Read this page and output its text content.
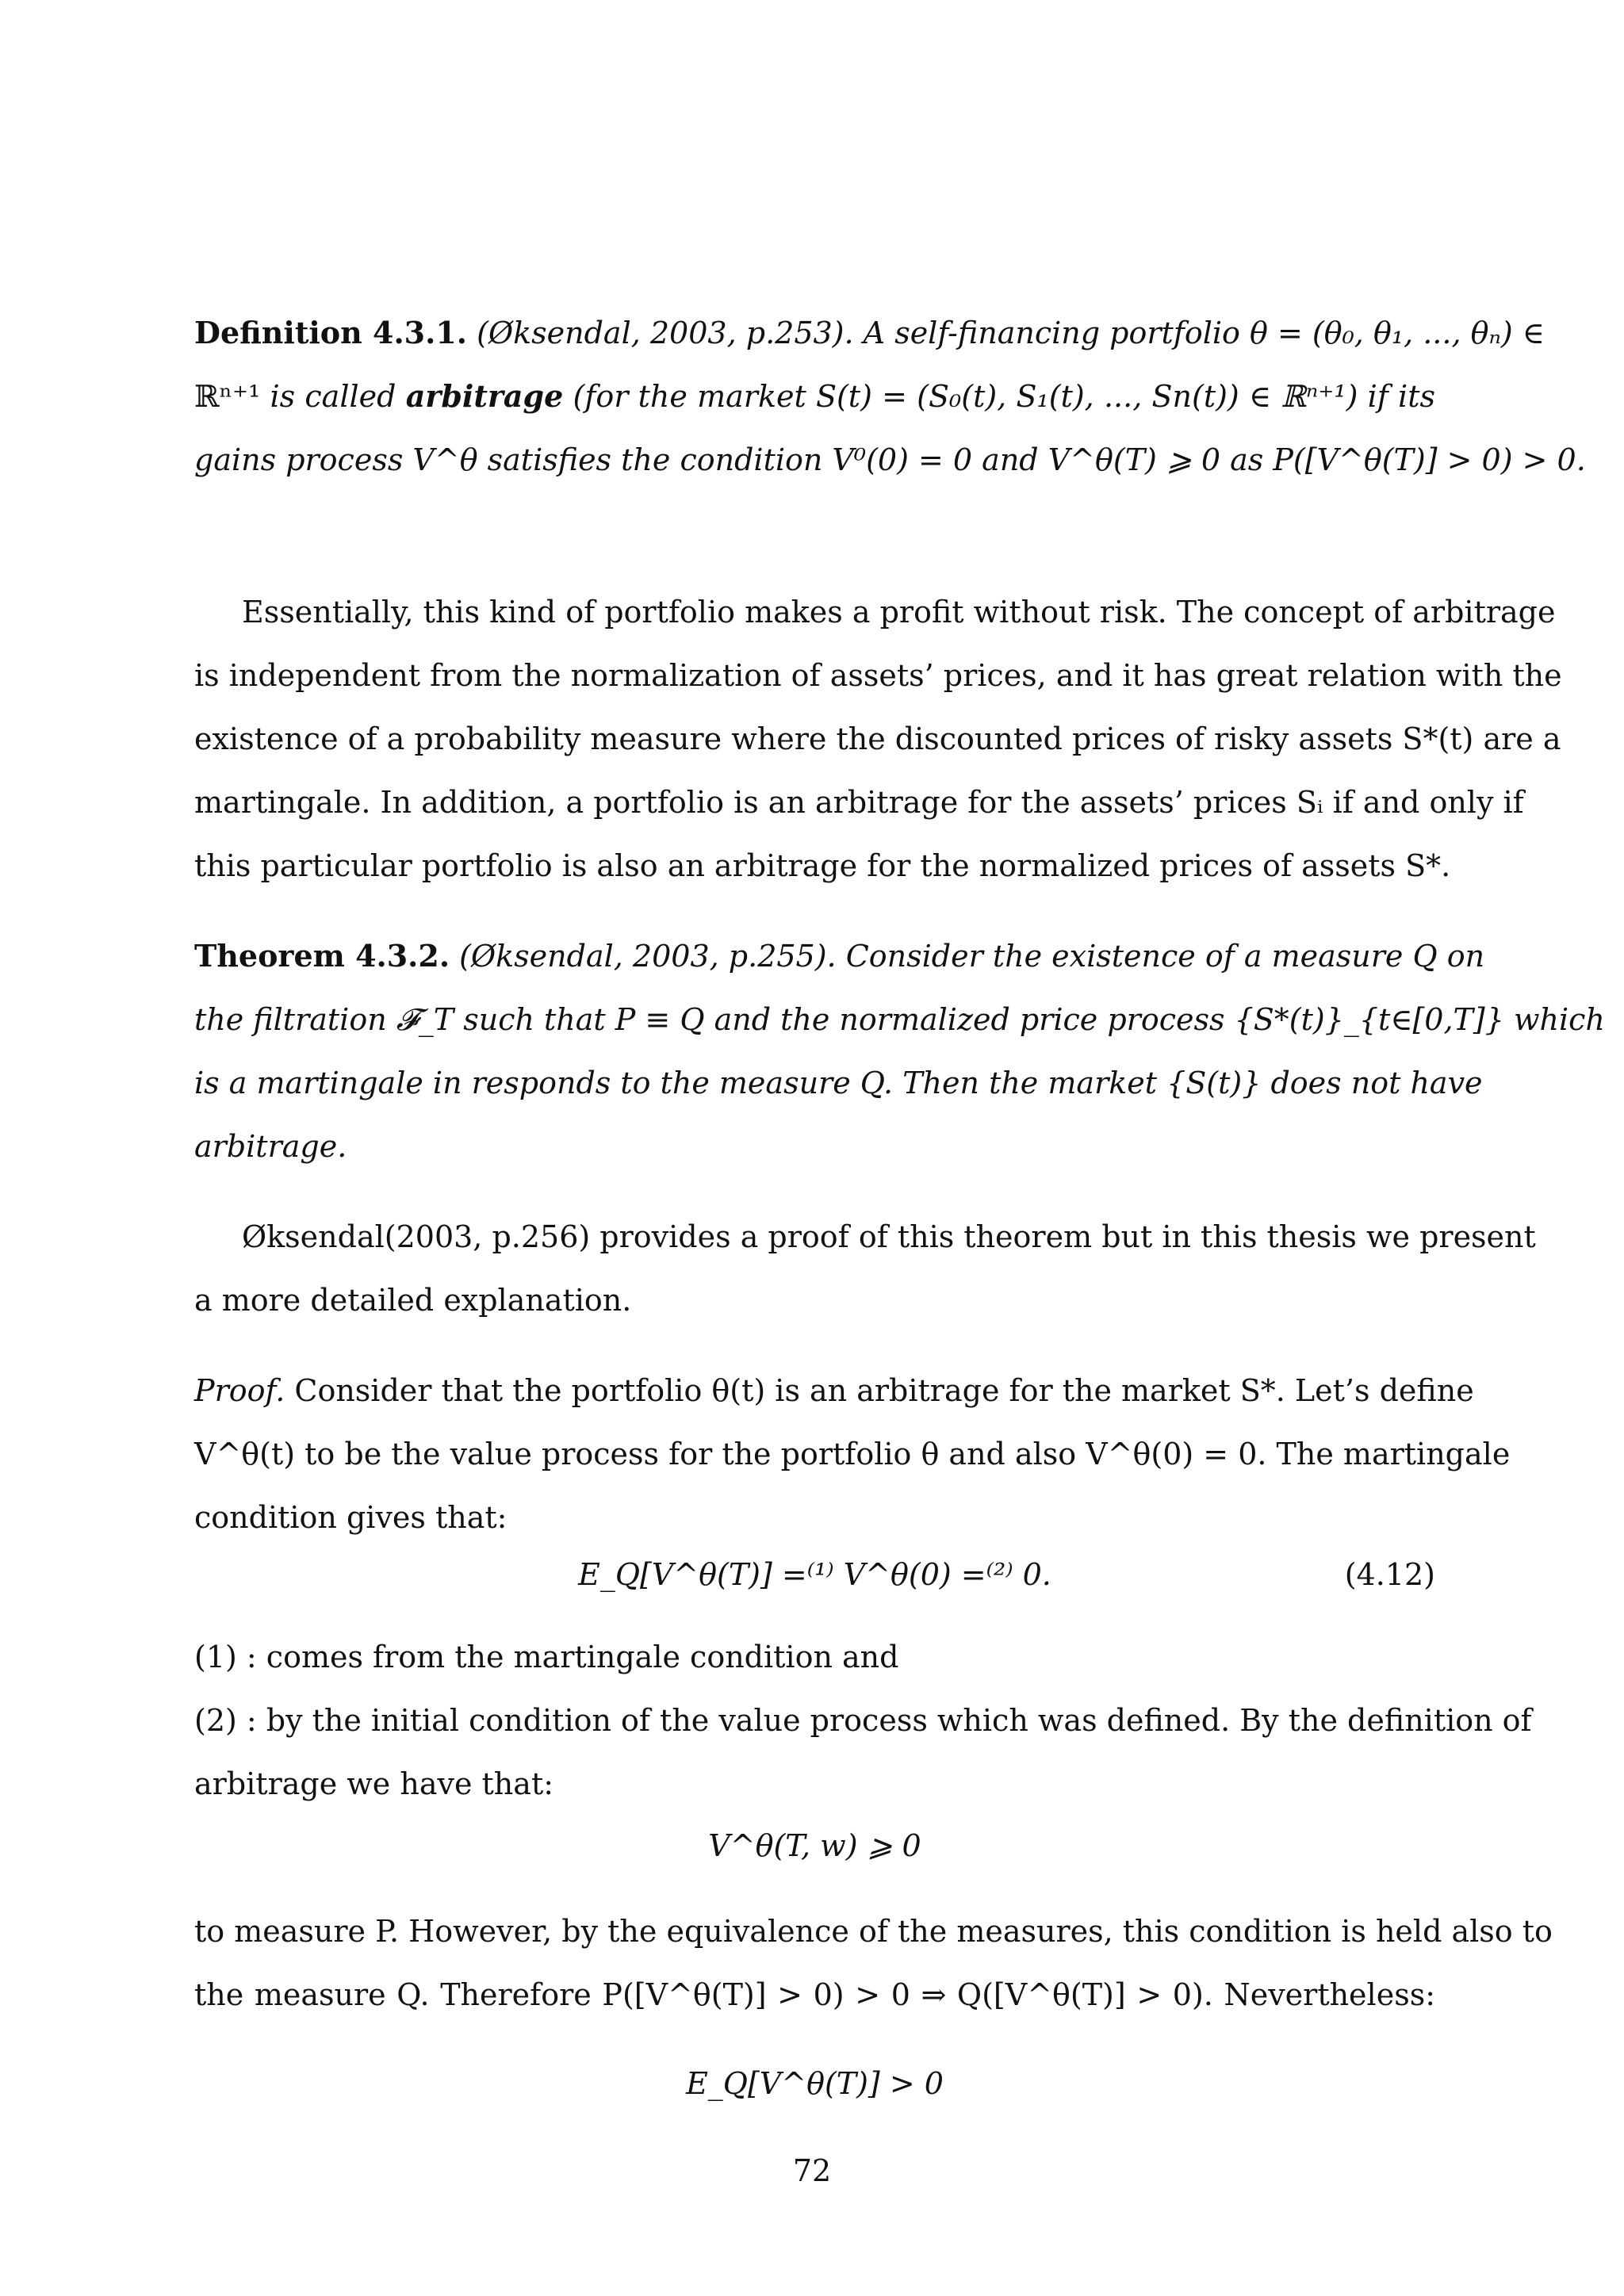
Definition 4.3.1. (Øksendal, 2003, p.253). A self-financing portfolio θ = (θ₀, θ₁, ..., θₙ) ∈
ℝⁿ⁺¹ is called arbitrage (for the market S(t) = (S₀(t), S₁(t), ..., Sn(t)) ∈ ℝⁿ⁺¹) if its
gains process V^θ satisfies the condition V⁰(0) = 0 and V^θ(T) ⩾ 0 as P([V^θ(T)] > 0) > 0.
Essentially, this kind of portfolio makes a profit without risk. The concept of arbitrage
is independent from the normalization of assets’ prices, and it has great relation with the
existence of a probability measure where the discounted prices of risky assets S*(t) are a
martingale. In addition, a portfolio is an arbitrage for the assets’ prices Sᵢ if and only if
this particular portfolio is also an arbitrage for the normalized prices of assets S*.
Theorem 4.3.2. (Øksendal, 2003, p.255). Consider the existence of a measure Q on
the filtration 𝓕_T such that P ≡ Q and the normalized price process {S*(t)}_{t∈[0,T]} which
is a martingale in responds to the measure Q. Then the market {S(t)} does not have
arbitrage.
Øksendal(2003, p.256) provides a proof of this theorem but in this thesis we present
a more detailed explanation.
Proof. Consider that the portfolio θ(t) is an arbitrage for the market S*. Let’s define
V^θ(t) to be the value process for the portfolio θ and also V^θ(0) = 0. The martingale
condition gives that:
E_Q[V^θ(T)] =⁽¹⁾ V^θ(0) =⁽²⁾ 0.	(4.12)
(1) : comes from the martingale condition and
(2) : by the initial condition of the value process which was defined. By the definition of
arbitrage we have that:
V^θ(T, w) ⩾ 0
to measure P. However, by the equivalence of the measures, this condition is held also to
the measure Q. Therefore P([V^θ(T)] > 0) > 0 ⇒ Q([V^θ(T)] > 0). Nevertheless:
E_Q[V^θ(T)] > 0
72
